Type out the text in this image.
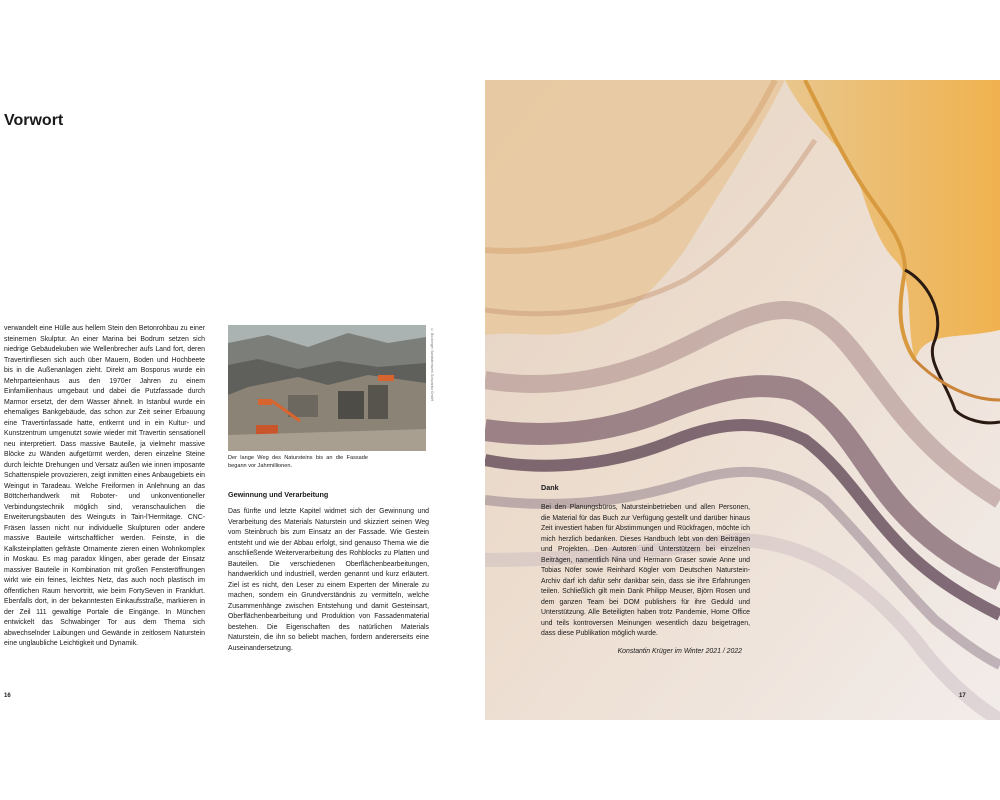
Vorwort

verwandelt eine Hülle aus hellem Stein den Betonrohbau zu einer steinernen Skulptur. An einer Marina bei Bodrum setzen sich niedrige Gebäudekuben wie Wellenbrecher aufs Land fort, deren Travertinfliesen sich auch über Mauern, Boden und Hochbeete bis in die Außenanlagen zieht. Direkt am Bosporus wurde ein Mehrparteienhaus aus den 1970er Jahren zu einem Einfamilienhaus umgebaut und dabei die Putzfassade durch Marmor ersetzt, der dem Wasser ähnelt. In Istanbul wurde ein ehemaliges Bankgebäude, das schon zur Zeit seiner Erbauung eine Travertinfassade hatte, entkernt und in ein Kultur- und Kunstzentrum umgenutzt sowie wieder mit Travertin sensationell neu interpretiert. Dass massive Bauteile, ja vielmehr massive Blöcke zu Wänden aufgetürmt werden, deren einzelne Steine durch leichte Drehungen und Versatz außen wie innen imposante Schattenspiele provozieren, zeigt inmitten eines Anbaugebiets ein Weingut in Taradeau. Welche Freiformen in Anlehnung an das Böttcherhandwerk mit Roboter- und unkonventioneller Verbindungstechnik möglich sind, veranschaulichen die Erweiterungsbauten des Weinguts in Tain-l'Hermitage. CNC-Fräsen lassen nicht nur individuelle Skulpturen oder andere massive Bauteile wirtschaftlicher werden. Feinste, in die Kalksteinplatten gefräste Ornamente zieren einen Wohnkomplex in Moskau. Es mag paradox klingen, aber gerade der Einsatz massiver Bauteile in Kombination mit großen Fensteröffnungen wirkt wie ein feines, leichtes Netz, das auch noch plastisch im öffentlichen Raum hervortritt, wie beim FortySeven in Frankfurt. Ebenfalls dort, in der bekanntesten Einkaufsstraße, markieren in der Zeil 111 gewaltige Portale die Eingänge. In München entwickelt das Schwabinger Tor aus dem Thema sich abwechselnder Laibungen und Gewände in zeitlosem Naturstein eine unglaubliche Leichtigkeit und Dynamik.

© Boxberger Sandsteinwerk Schwanitz GmbH

Der lange Weg des Natursteins bis an die Fassade begann vor Jahrmillionen.

Gewinnung und Verarbeitung

Das fünfte und letzte Kapitel widmet sich der Gewinnung und Verarbeitung des Materials Naturstein und skizziert seinen Weg vom Steinbruch bis zum Einsatz an der Fassade. Wie Gestein entsteht und wie der Abbau erfolgt, sind genauso Thema wie die anschließende Weiterverarbeitung des Rohblocks zu Platten und Bauteilen. Die verschiedenen Oberflächenbearbeitungen, handwerklich und industriell, werden genannt und kurz erläutert. Ziel ist es nicht, den Leser zu einem Experten der Minerale zu machen, sondern ein Grundverständnis zu vermitteln, welche Zusammenhänge zwischen Entstehung und damit Gesteinsart, Oberflächenbearbeitung und Produktion von Fassadenmaterial bestehen. Die Eigenschaften des natürlichen Materials Naturstein, die ihn so beliebt machen, fordern andererseits eine Auseinandersetzung.

16
Dank

Bei den Planungsbüros, Natursteinbetrieben und allen Personen, die Material für das Buch zur Verfügung gestellt und darüber hinaus Zeit investiert haben für Abstimmungen und Rückfragen, möchte ich mich herzlich bedanken. Dieses Handbuch lebt von den Beiträgen und Projekten. Den Autoren und Unterstützern bei einzelnen Beiträgen, namentlich Nina und Hermann Graser sowie Anne und Tobias Nöfer sowie Reinhard Kögler vom Deutschen Naturstein-Archiv darf ich dafür sehr dankbar sein, dass sie ihre Erfahrungen teilen. Schließlich gilt mein Dank Philipp Meuser, Björn Rosen und dem ganzen Team bei DOM publishers für ihre Geduld und Unterstützung. Alle Beteiligten haben trotz Pandemie, Home Office und teils kontroversen Meinungen wesentlich dazu beigetragen, dass diese Publikation möglich wurde.

Konstantin Krüger im Winter 2021 / 2022
17
